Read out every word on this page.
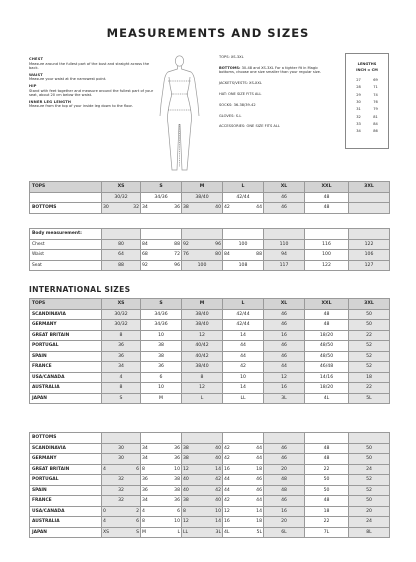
MEASUREMENTS AND SIZES
CHEST
Measure around the fullest part of the bust and straight across the back.
WAIST
Measure your waist at the narrowest point.
HIP
Stand with feet together and measure around the fullest part of your seat, about 20 cm below the waist.
INNER LEG LENGTH
Measure from the top of your inside leg down to the floor.
TOPS: XS-3XL
BOTTOMS: 30-48 and XS-3XL For a tighter fit in Magic bottoms, choose one size smaller than your regular size.
JACKETS/VESTS: XS-XXL
HAT: ONE SIZE FITS ALL
SOCKS: 36-38/39-42
GLOVES: S-L
ACCESSORIES: ONE SIZE FITS ALL
LENGTHS
INCH = CM
27	69
28	71
29	74
30	76
31	79
32	81
33	84
34	86
TOPS	XS	S	M	L	XL	XXL	3XL
	30/32	34/36	38/40	42/44	46	48	
BOTTOMS	30 32	34 36	38 40	42 44	46	48	
Body measurement:							
Chest	80	84 88	92 96	100	110	116	122
Waist	64	68 72	76 80	84 88	94	100	106
Seat	88	92 96	100	108	117	122	127
INTERNATIONAL SIZES
TOPS	XS	S	M	L	XL	XXL	3XL
SCANDINAVIA	30/32	34/36	38/40	42/44	46	48	50
GERMANY	30/32	34/36	38/40	42/44	46	48	50
GREAT BRITAIN	8	10	12	14	16	18/20	22
PORTUGAL	36	38	40/42	44	46	48/50	52
SPAIN	36	38	40/42	44	46	48/50	52
FRANCE	34	36	38/40	42	44	46/48	52
USA/CANADA	4	6	8	10	12	14/16	18
AUSTRALIA	8	10	12	14	16	18/20	22
JAPAN	S	M	L	LL	3L	4L	5L
BOTTOMS							
SCANDINAVIA	30	34 36	38 40	42 44	46	48	50
GERMANY	30	34 36	38 40	42 44	46	48	50
GREAT BRITAIN	4 6	8 10	12 14	16 18	20	22	24
PORTUGAL	32	36 38	40 42	44 46	48	50	52
SPAIN	32	36 38	40 42	44 46	48	50	52
FRANCE	32	34 36	38 40	42 44	46	48	50
USA/CANADA	0 2	4 6	8 10	12 14	16	18	20
AUSTRALIA	4 6	8 10	12 14	16 18	20	22	24
JAPAN	XS S	M L	LL 3L	4L 5L	6L	7L	8L
